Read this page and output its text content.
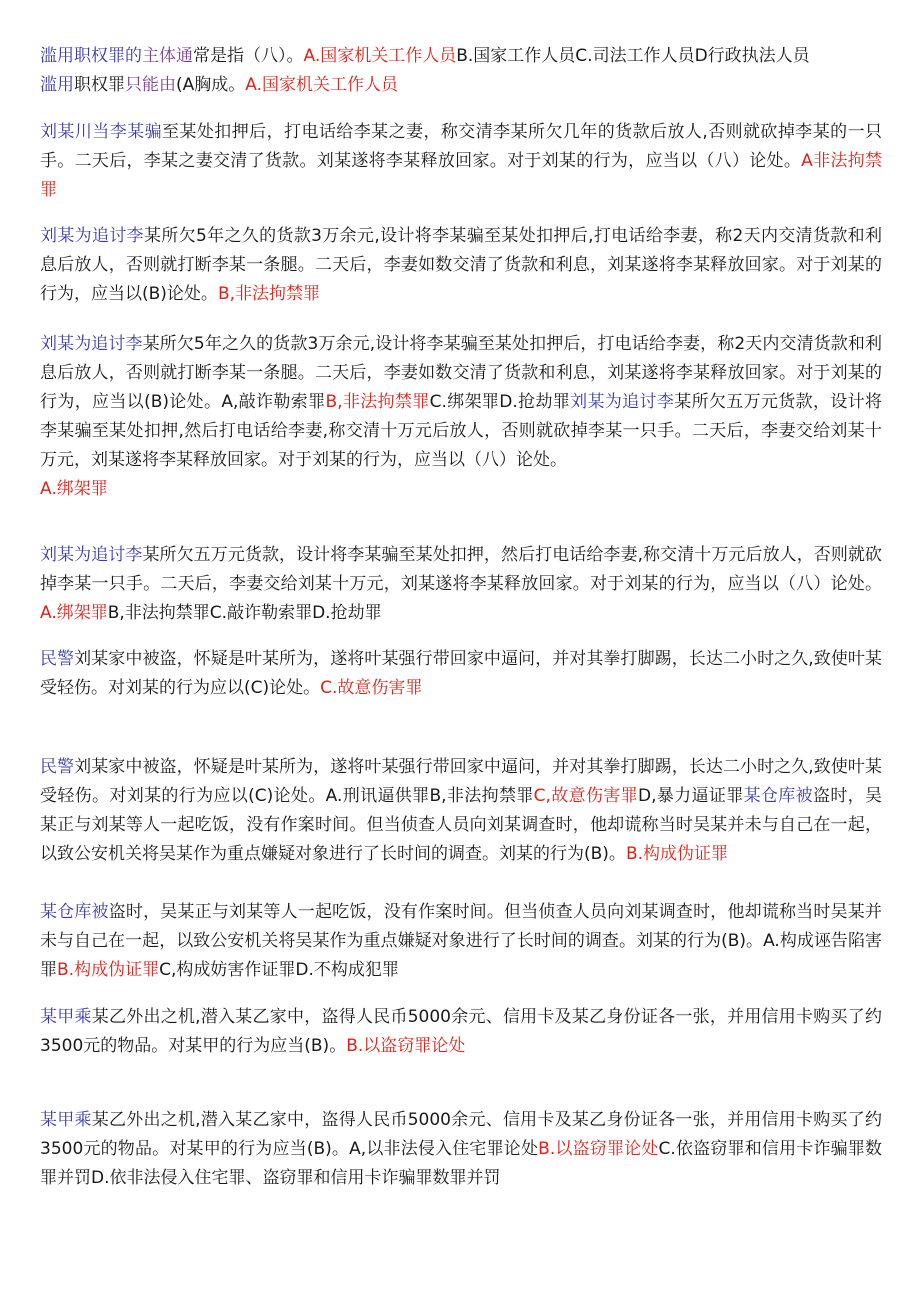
滥用职权罪的主体通常是指（八）。A.国家机关工作人员B.国家工作人员C.司法工作人员D行政执法人员
滥用职权罪只能由(A胸成。A.国家机关工作人员
刘某川当李某骗至某处扣押后，打电话给李某之妻，称交清李某所欠几年的货款后放人,否则就砍掉李某的一只手。二天后，李某之妻交清了货款。刘某遂将李某释放回家。对于刘某的行为，应当以（八）论处。A非法拘禁罪
刘某为追讨李某所欠5年之久的货款3万余元,设计将李某骗至某处扣押后,打电话给李妻，称2天内交清货款和利息后放人，否则就打断李某一条腿。二天后，李妻如数交清了货款和利息，刘某遂将李某释放回家。对于刘某的行为，应当以(B)论处。B,非法拘禁罪
刘某为追讨李某所欠5年之久的货款3万余元,设计将李某骗至某处扣押后，打电话给李妻，称2天内交清货款和利息后放人，否则就打断李某一条腿。二天后，李妻如数交清了货款和利息，刘某遂将李某释放回家。对于刘某的行为，应当以(B)论处。A,敲诈勒索罪B,非法拘禁罪C.绑架罪D.抢劫罪刘某为追讨李某所欠五万元货款，设计将李某骗至某处扣押,然后打电话给李妻,称交清十万元后放人，否则就砍掉李某一只手。二天后，李妻交给刘某十万元，刘某遂将李某释放回家。对于刘某的行为，应当以（八）论处。
A.绑架罪
刘某为追讨李某所欠五万元货款，设计将李某骗至某处扣押，然后打电话给李妻,称交清十万元后放人，否则就砍掉李某一只手。二天后，李妻交给刘某十万元，刘某遂将李某释放回家。对于刘某的行为，应当以（八）论处。A.绑架罪B,非法拘禁罪C.敲诈勒索罪D.抢劫罪
民警刘某家中被盗，怀疑是叶某所为，遂将叶某强行带回家中逼问，并对其拳打脚踢，长达二小时之久,致使叶某受轻伤。对刘某的行为应以(C)论处。C.故意伤害罪
民警刘某家中被盗，怀疑是叶某所为，遂将叶某强行带回家中逼问，并对其拳打脚踢，长达二小时之久,致使叶某受轻伤。对刘某的行为应以(C)论处。A.刑讯逼供罪B,非法拘禁罪C,故意伤害罪D,暴力逼证罪某仓库被盗时，吴某正与刘某等人一起吃饭，没有作案时间。但当侦查人员向刘某调查时，他却谎称当时吴某并未与自己在一起，以致公安机关将吴某作为重点嫌疑对象进行了长时间的调查。刘某的行为(B)。B.构成伪证罪
某仓库被盗时，吴某正与刘某等人一起吃饭，没有作案时间。但当侦查人员向刘某调查时，他却谎称当时吴某并未与自己在一起，以致公安机关将吴某作为重点嫌疑对象进行了长时间的调查。刘某的行为(B)。A.构成诬告陷害罪B.构成伪证罪C,构成妨害作证罪D.不构成犯罪
某甲乘某乙外出之机,潜入某乙家中，盗得人民币5000余元、信用卡及某乙身份证各一张，并用信用卡购买了约3500元的物品。对某甲的行为应当(B)。B.以盗窃罪论处
某甲乘某乙外出之机,潜入某乙家中，盗得人民币5000余元、信用卡及某乙身份证各一张，并用信用卡购买了约3500元的物品。对某甲的行为应当(B)。A,以非法侵入住宅罪论处B.以盗窃罪论处C.依盗窃罪和信用卡诈骗罪数罪并罚D.依非法侵入住宅罪、盗窃罪和信用卡诈骗罪数罪并罚
